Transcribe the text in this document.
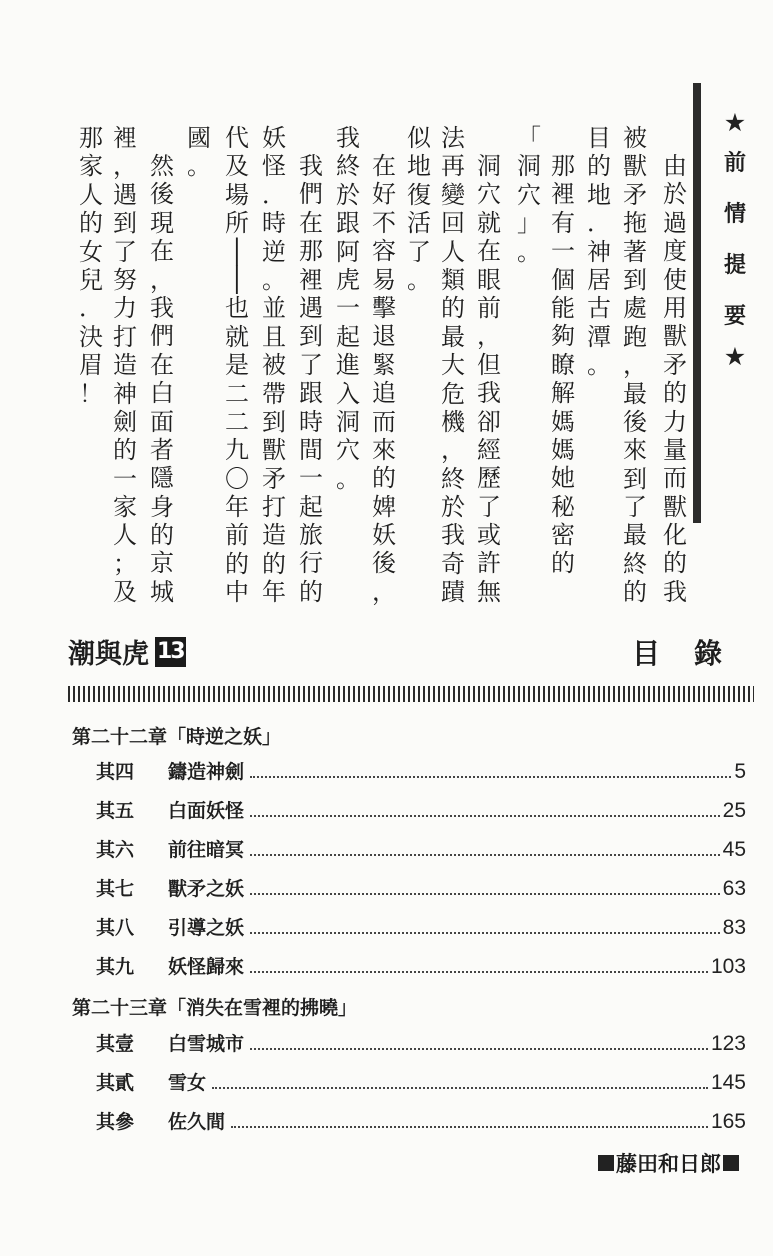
★
前
情
提
要
★
由
於
過
度
使
用
獸
矛
的
力
量
而
獸
化
的
我
被
獸
矛
拖
著
到
處
跑
，
最
後
來
到
了
最
終
的
目
的
地
．
神
居
古
潭
。
那
裡
有
一
個
能
夠
瞭
解
媽
媽
她
秘
密
的
「
洞
穴
」
。
洞
穴
就
在
眼
前
，
但
我
卻
經
歷
了
或
許
無
法
再
變
回
人
類
的
最
大
危
機
，
終
於
我
奇
蹟
似
地
復
活
了
。
在
好
不
容
易
擊
退
緊
追
而
來
的
婢
妖
後
，
我
終
於
跟
阿
虎
一
起
進
入
洞
穴
。
我
們
在
那
裡
遇
到
了
跟
時
間
一
起
旅
行
的
妖
怪
．
時
逆
。
並
且
被
帶
到
獸
矛
打
造
的
年
代
及
場
所
│
│
也
就
是
二
二
九
〇
年
前
的
中
國
。
然
後
現
在
，
我
們
在
白
面
者
隱
身
的
京
城
裡
，
遇
到
了
努
力
打
造
神
劍
的
一
家
人
；
及
那
家
人
的
女
兒
．
決
眉
！
潮與虎 13	目錄
第二十二章「時逆之妖」
其四	鑄造神劍	5
其五	白面妖怪	25
其六	前往暗冥	45
其七	獸矛之妖	63
其八	引導之妖	83
其九	妖怪歸來	103
第二十三章「消失在雪裡的拂曉」
其壹	白雪城市	123
其貳	雪女	145
其參	佐久間	165
藤田和日郎
